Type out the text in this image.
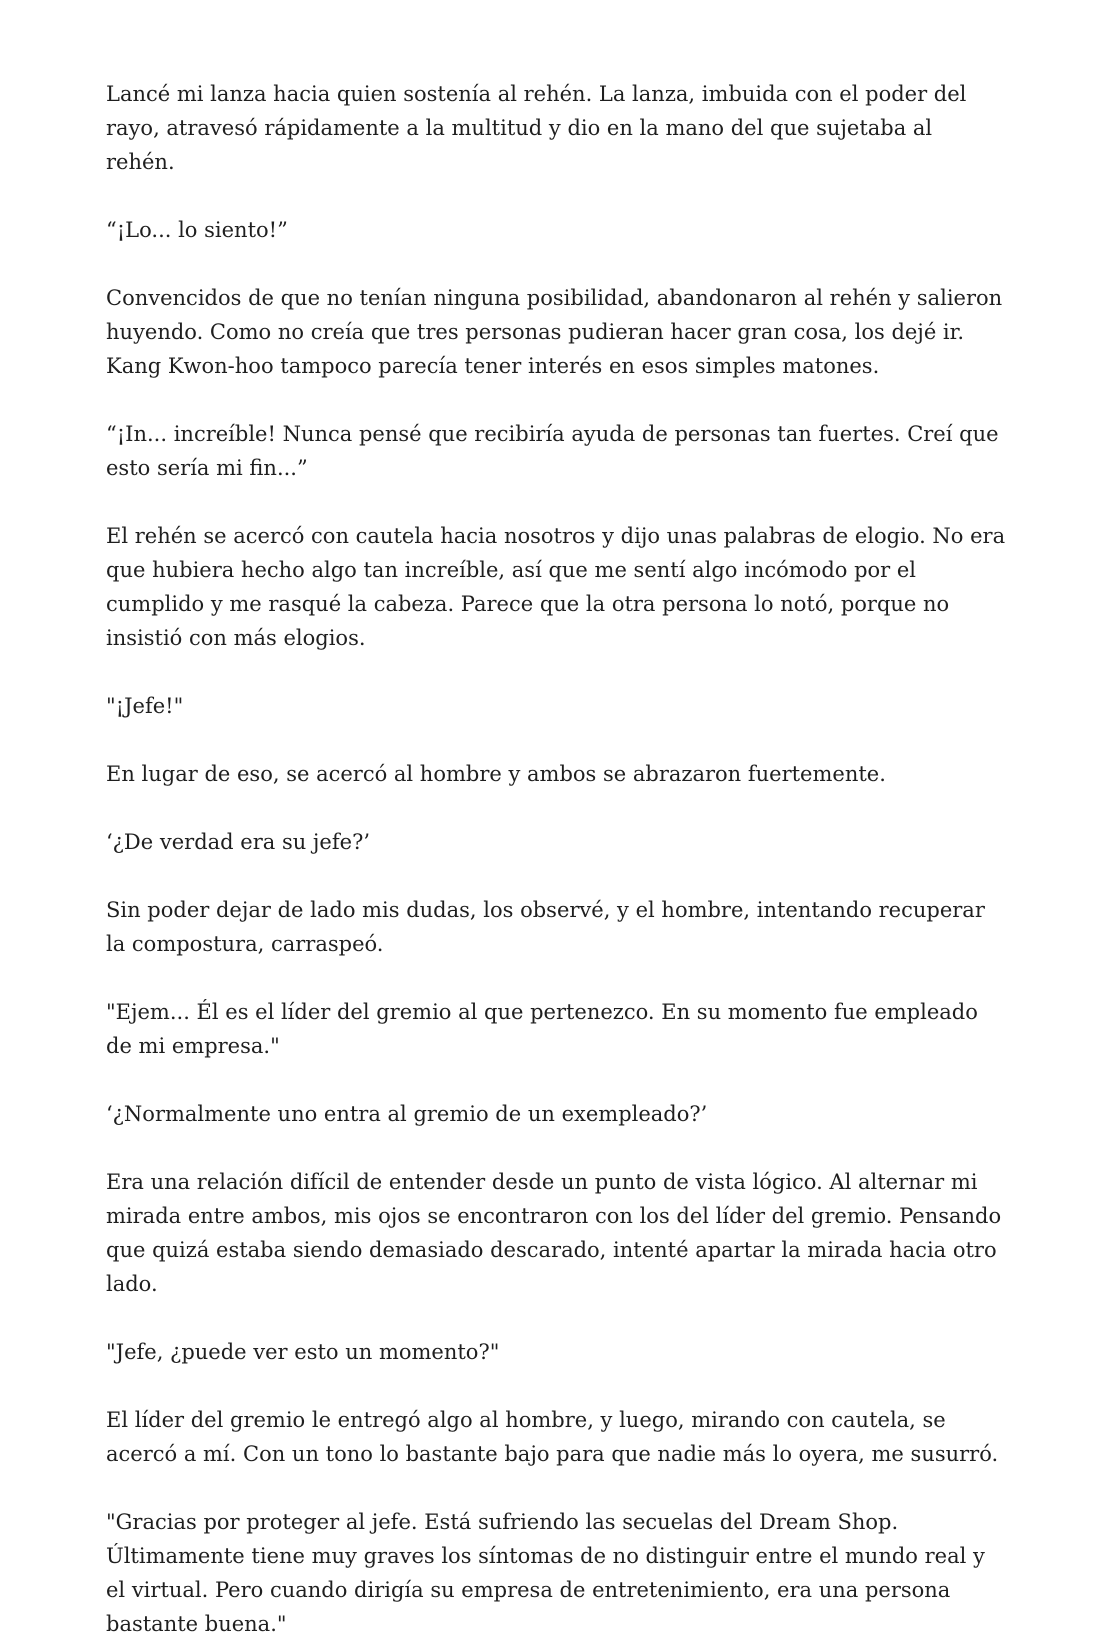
Lancé mi lanza hacia quien sostenía al rehén. La lanza, imbuida con el poder del rayo, atravesó rápidamente a la multitud y dio en la mano del que sujetaba al rehén.

“¡Lo... lo siento!”

Convencidos de que no tenían ninguna posibilidad, abandonaron al rehén y salieron huyendo. Como no creía que tres personas pudieran hacer gran cosa, los dejé ir. Kang Kwon-hoo tampoco parecía tener interés en esos simples matones.

“¡In... increíble! Nunca pensé que recibiría ayuda de personas tan fuertes. Creí que esto sería mi fin...”

El rehén se acercó con cautela hacia nosotros y dijo unas palabras de elogio. No era que hubiera hecho algo tan increíble, así que me sentí algo incómodo por el cumplido y me rasqué la cabeza. Parece que la otra persona lo notó, porque no insistió con más elogios.

"¡Jefe!"

En lugar de eso, se acercó al hombre y ambos se abrazaron fuertemente.

‘¿De verdad era su jefe?’

Sin poder dejar de lado mis dudas, los observé, y el hombre, intentando recuperar la compostura, carraspeó.

"Ejem... Él es el líder del gremio al que pertenezco. En su momento fue empleado de mi empresa."

‘¿Normalmente uno entra al gremio de un exempleado?’

Era una relación difícil de entender desde un punto de vista lógico. Al alternar mi mirada entre ambos, mis ojos se encontraron con los del líder del gremio. Pensando que quizá estaba siendo demasiado descarado, intenté apartar la mirada hacia otro lado.

"Jefe, ¿puede ver esto un momento?"

El líder del gremio le entregó algo al hombre, y luego, mirando con cautela, se acercó a mí. Con un tono lo bastante bajo para que nadie más lo oyera, me susurró.

"Gracias por proteger al jefe. Está sufriendo las secuelas del Dream Shop. Últimamente tiene muy graves los síntomas de no distinguir entre el mundo real y el virtual. Pero cuando dirigía su empresa de entretenimiento, era una persona bastante buena."
